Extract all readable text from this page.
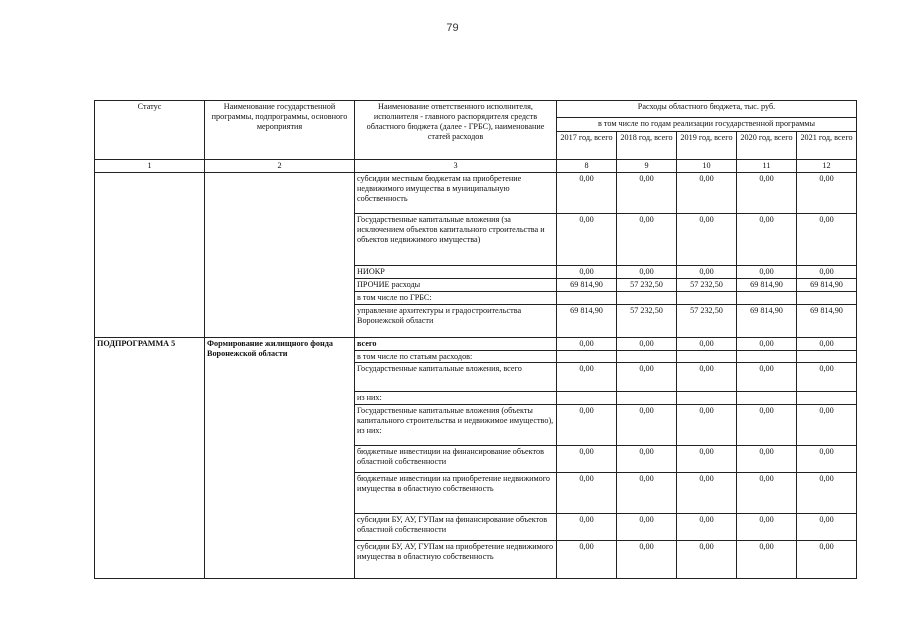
79
Статус	Наименование государственной программы, подпрограммы, основного мероприятия	Наименование ответственного исполнителя, исполнителя - главного распорядителя средств областного бюджета (далее - ГРБС), наименование статей расходов	Расходы областного бюджета, тыс. руб.				
			в том числе по годам реализации государственной программы				
			2017 год, всего	2018 год, всего	2019 год, всего	2020 год, всего	2021 год, всего
1	2	3	8	9	10	11	12
		субсидии местным бюджетам на приобретение недвижимого имущества в муниципальную собственность	0,00	0,00	0,00	0,00	0,00
		Государственные капитальные вложения (за исключением объектов капитального строительства и объектов недвижимого имущества)	0,00	0,00	0,00	0,00	0,00
		НИОКР	0,00	0,00	0,00	0,00	0,00
		ПРОЧИЕ расходы	69 814,90	57 232,50	57 232,50	69 814,90	69 814,90
		в том числе по ГРБС:					
		управление архитектуры и градостроительства Воронежской области	69 814,90	57 232,50	57 232,50	69 814,90	69 814,90
ПОДПРОГРАММА 5	Формирование жилищного фонда Воронежской области	всего	0,00	0,00	0,00	0,00	0,00
		в том числе по статьям расходов:					
		Государственные капитальные вложения, всего	0,00	0,00	0,00	0,00	0,00
		из них:					
		Государственные капитальные вложения (объекты капитального строительства и недвижимое имущество), из них:	0,00	0,00	0,00	0,00	0,00
		бюджетные инвестиции на финансирование объектов областной собственности	0,00	0,00	0,00	0,00	0,00
		бюджетные инвестиции на приобретение недвижимого имущества в областную собственность	0,00	0,00	0,00	0,00	0,00
		субсидии БУ, АУ, ГУПам на финансирование объектов областной собственности	0,00	0,00	0,00	0,00	0,00
		субсидии БУ, АУ, ГУПам на приобретение недвижимого имущества в областную собственность	0,00	0,00	0,00	0,00	0,00
